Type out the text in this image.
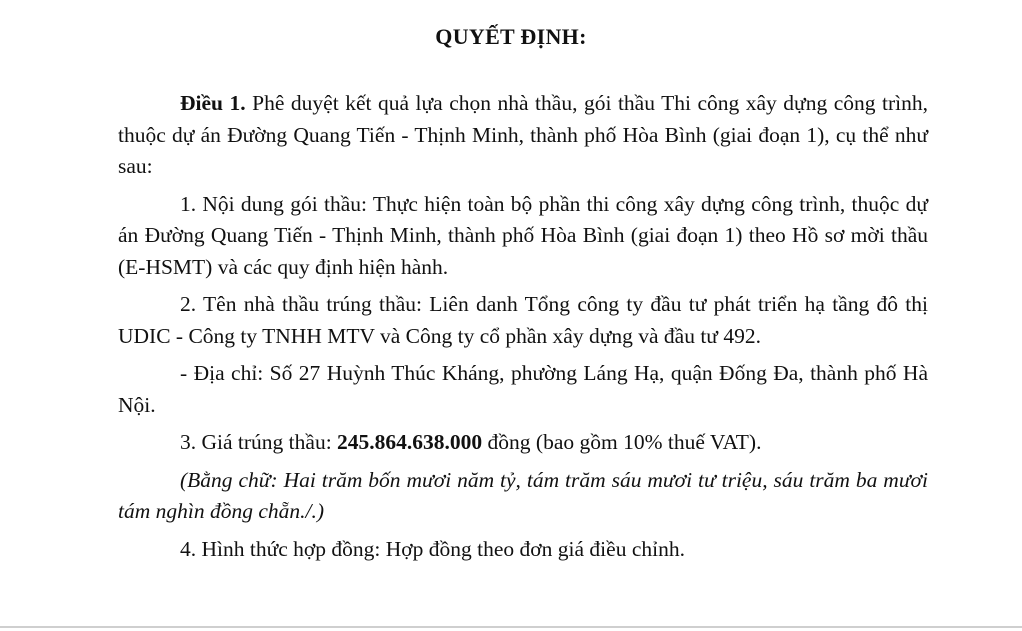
QUYẾT ĐỊNH:

Điều 1. Phê duyệt kết quả lựa chọn nhà thầu, gói thầu Thi công xây dựng công trình, thuộc dự án Đường Quang Tiến - Thịnh Minh, thành phố Hòa Bình (giai đoạn 1), cụ thể như sau:

1. Nội dung gói thầu: Thực hiện toàn bộ phần thi công xây dựng công trình, thuộc dự án Đường Quang Tiến - Thịnh Minh, thành phố Hòa Bình (giai đoạn 1) theo Hồ sơ mời thầu (E-HSMT) và các quy định hiện hành.

2. Tên nhà thầu trúng thầu: Liên danh Tổng công ty đầu tư phát triển hạ tầng đô thị UDIC - Công ty TNHH MTV và Công ty cổ phần xây dựng và đầu tư 492.

- Địa chỉ: Số 27 Huỳnh Thúc Kháng, phường Láng Hạ, quận Đống Đa, thành phố Hà Nội.

3. Giá trúng thầu: 245.864.638.000 đồng (bao gồm 10% thuế VAT).

(Bằng chữ: Hai trăm bốn mươi năm tỷ, tám trăm sáu mươi tư triệu, sáu trăm ba mươi tám nghìn đồng chẵn./.)

4. Hình thức hợp đồng: Hợp đồng theo đơn giá điều chỉnh.
